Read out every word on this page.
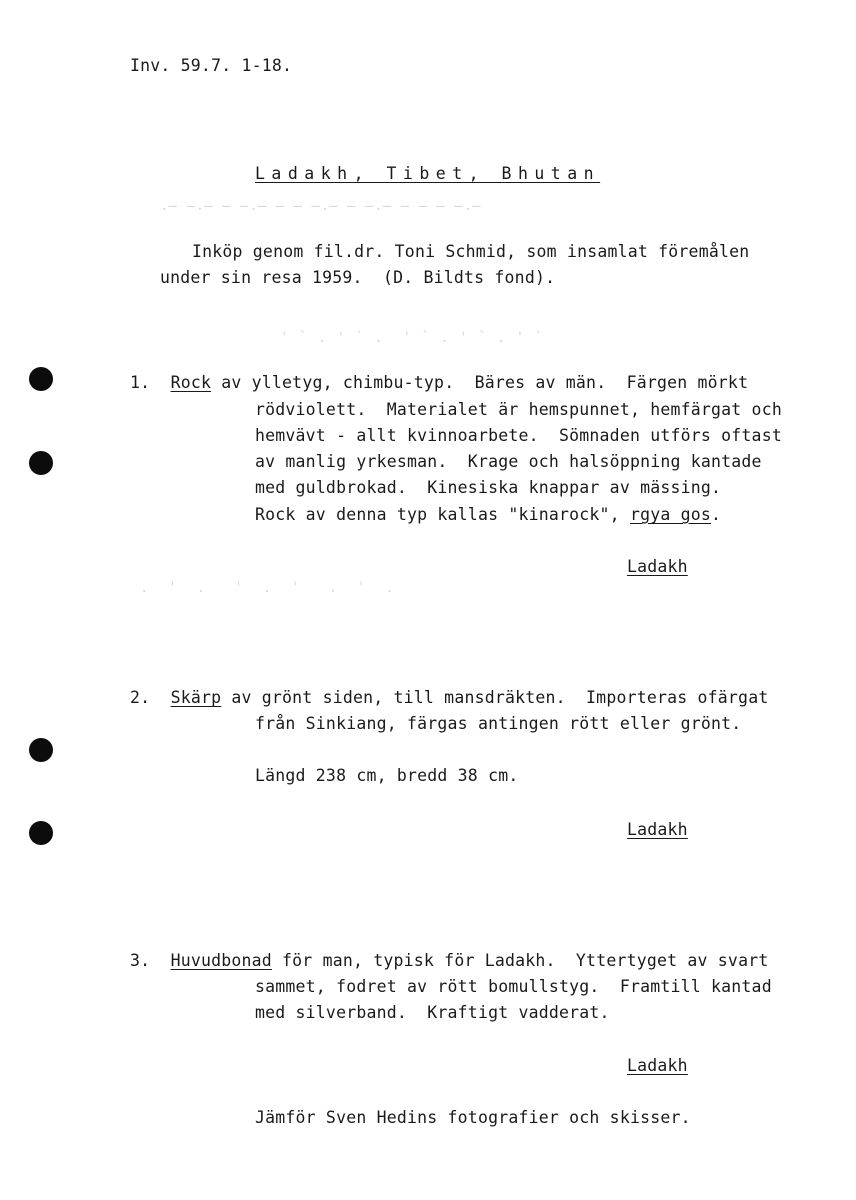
.̶ ̶.̶ ̶ ̶.̶ ̶ ̶ ̶.̶ ̶ ̶.̶ ̶ ̶ ̶ ̶.̶
' ` . ' ` .  ' ` . ' ` . ' `
.  '  .   '  .  '   .  '  .
Inv. 59.7. 1-18.
Ladakh, Tibet, Bhutan
Inköp genom fil.dr. Toni Schmid, som insamlat föremålen
under sin resa 1959.  (D. Bildts fond).
1. Rock av ylletyg, chimbu-typ.  Bäres av män.  Färgen mörkt
rödviolett.  Materialet är hemspunnet, hemfärgat och
hemvävt - allt kvinnoarbete.  Sömnaden utförs oftast
av manlig yrkesman.  Krage och halsöppning kantade
med guldbrokad.  Kinesiska knappar av mässing.
Rock av denna typ kallas "kinarock", rgya gos.
Ladakh
2. Skärp av grönt siden, till mansdräkten.  Importeras ofärgat
från Sinkiang, färgas antingen rött eller grönt.
Längd 238 cm, bredd 38 cm.
Ladakh
3. Huvudbonad för man, typisk för Ladakh.  Yttertyget av svart
sammet, fodret av rött bomullstyg.  Framtill kantad
med silverband.  Kraftigt vadderat.
Ladakh
Jämför Sven Hedins fotografier och skisser.
